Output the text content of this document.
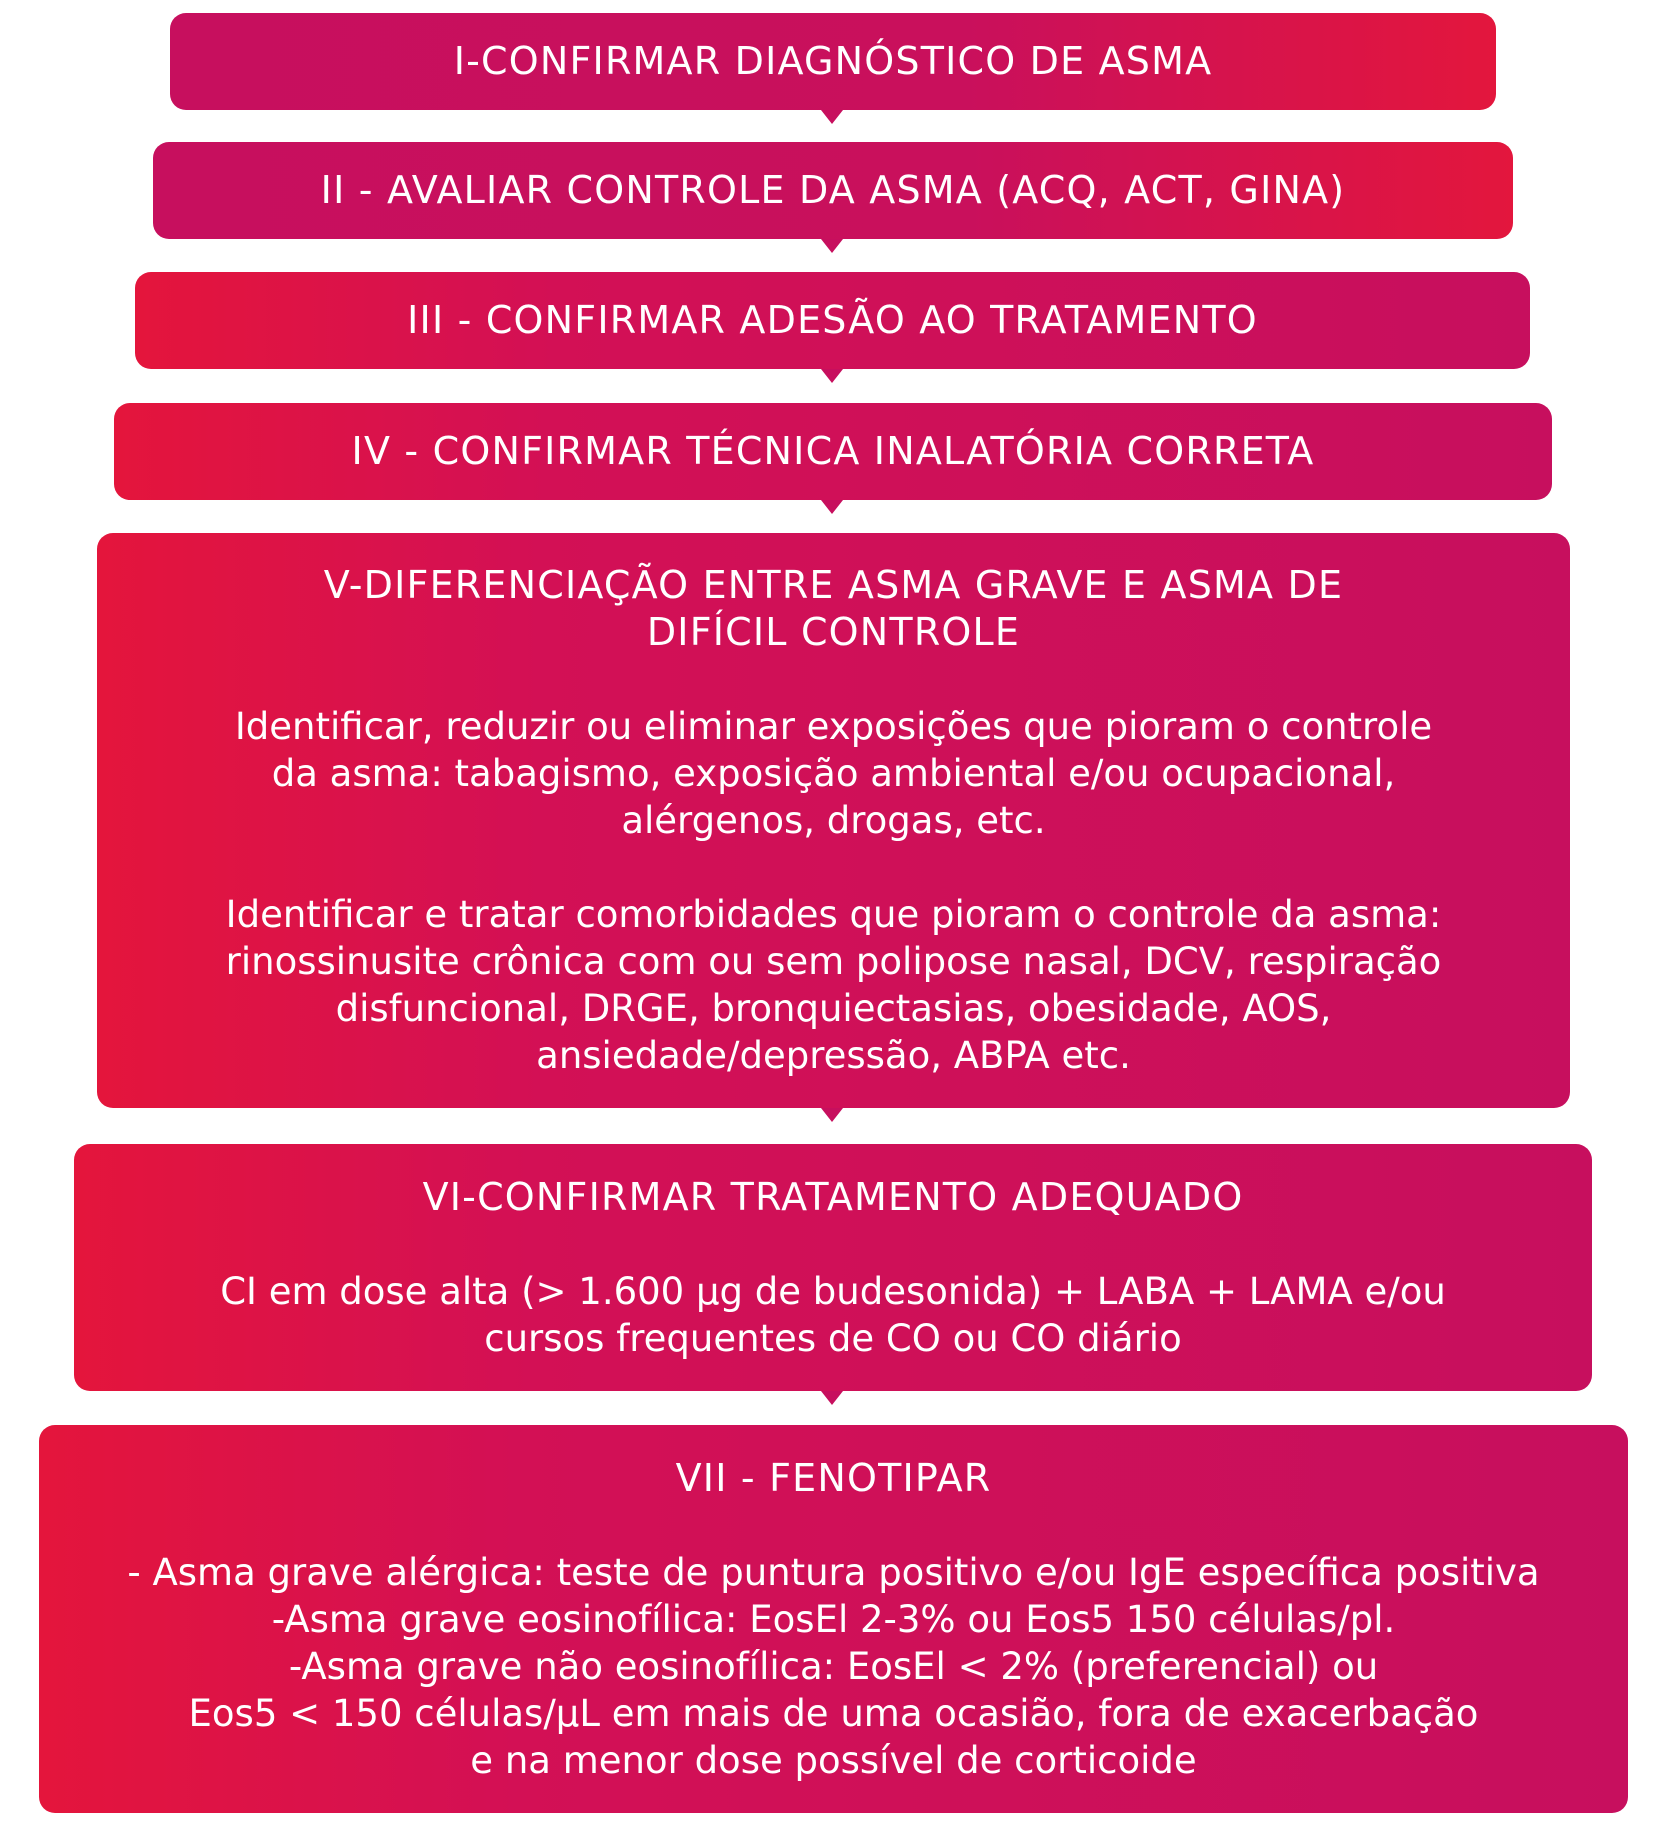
I-CONFIRMAR DIAGNÓSTICO DE ASMA
II - AVALIAR CONTROLE DA ASMA (ACQ, ACT, GINA)
III - CONFIRMAR ADESÃO AO TRATAMENTO
IV - CONFIRMAR TÉCNICA INALATÓRIA CORRETA
V-DIFERENCIAÇÃO ENTRE ASMA GRAVE E ASMA DE
DIFÍCIL CONTROLE
Identificar, reduzir ou eliminar exposições que pioram o controle
da asma: tabagismo, exposição ambiental e/ou ocupacional,
alérgenos, drogas, etc.
Identificar e tratar comorbidades que pioram o controle da asma:
rinossinusite crônica com ou sem polipose nasal, DCV, respiração
disfuncional, DRGE, bronquiectasias, obesidade, AOS,
ansiedade/depressão, ABPA etc.
VI-CONFIRMAR TRATAMENTO ADEQUADO
CI em dose alta (> 1.600 µg de budesonida) + LABA + LAMA e/ou
cursos frequentes de CO ou CO diário
VII - FENOTIPAR
- Asma grave alérgica: teste de puntura positivo e/ou IgE específica positiva
-Asma grave eosinofílica: EosEl 2-3% ou Eos5 150 células/pl.
-Asma grave não eosinofílica: EosEl < 2% (preferencial) ou
Eos5 < 150 células/µL em mais de uma ocasião, fora de exacerbação
e na menor dose possível de corticoide
